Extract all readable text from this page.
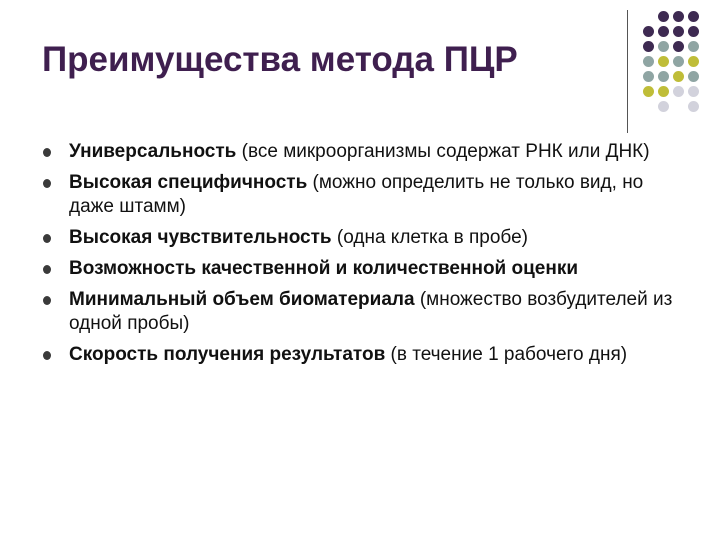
Преимущества метода ПЦР
Универсальность (все микроорганизмы содержат РНК или ДНК)
Высокая специфичность (можно определить не только вид, но даже штамм)
Высокая чувствительность (одна клетка в пробе)
Возможность качественной и количественной оценки
Минимальный объем биоматериала (множество возбудителей из одной пробы)
Скорость получения результатов (в течение 1 рабочего дня)
